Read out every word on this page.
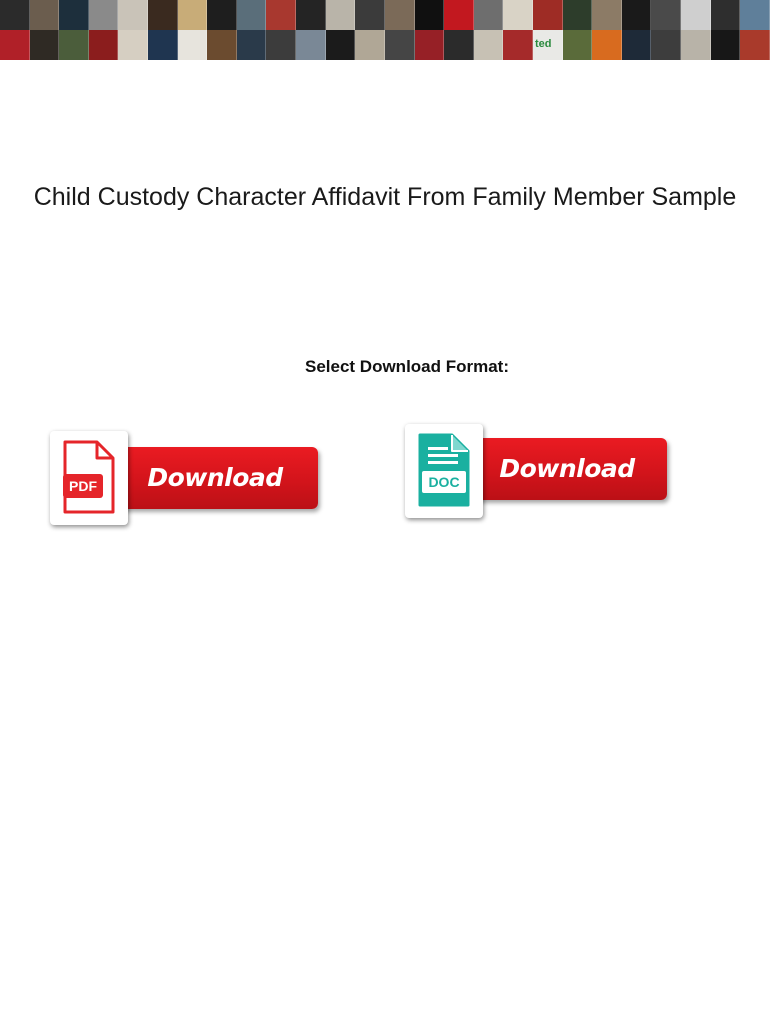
ted
Child Custody Character Affidavit From Family Member Sample
Select Download Format:
Download
PDF
Download
DOC
